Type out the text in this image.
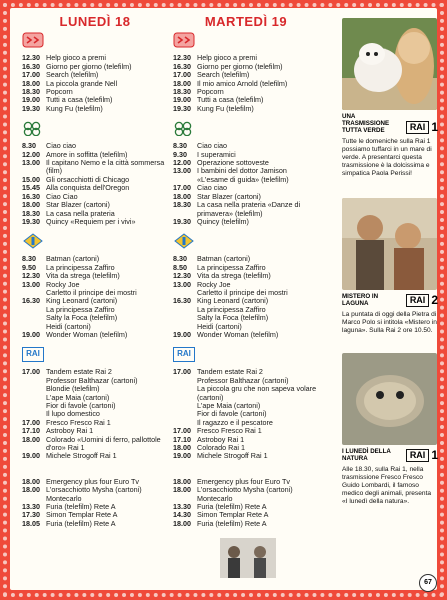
LUNEDÌ 18
12.30 Help gioco a premi
16.30 Giorno per giorno (telefilm)
17.00 Search (telefilm)
18.00 La piccola grande Nell
18.30 Popcorn
19.00 Tutti a casa (telefilm)
19.30 Kung Fu (telefilm)
8.30	Ciao ciao
12.00 Amore in soffitta (telefilm)
13.00 Il capitano Nemo e la città sommersa (film)
15.00 Gli orsacchiotti di Chicago
15.45 Alla conquista dell'Oregon
16.30 Ciao Ciao
18.00 Star Blazer (cartoni)
18.30 La casa nella prateria
19.30 Quincy «Requiem per i vivi»
8.30	Batman (cartoni)
9.50	La principessa Zaffiro
12.30 Vita da strega (telefilm)
13.00 Rocky Joe
Carletto il principe dei mostri
16.30 King Leonard (cartoni)
La principessa Zaffiro
Salty la Foca (telefilm)
Heidi (cartoni)
19.00 Wonder Woman (telefilm)
RAI
17.00 Tandem estate Rai 2
Professor Balthazar (cartoni)
Blondie (telefilm)
L'ape Maia (cartoni)
Fior di favole (cartoni)
Il lupo domestico
17.00 Fresco Fresco Rai 1
17.10 Astroboy Rai 1
18.00 Colorado «Uomini di ferro, pallottole d'oro» Rai 1
19.00 Michele Strogoff Rai 1
18.00 Emergency plus four Euro Tv
18.00 L'orsacchiotto Mysha (cartoni)
Montecarlo
13.30 Furia (telefilm) Rete A
17.30 Simon Templar Rete A
18.05 Furia (telefilm) Rete A
MARTEDÌ 19
12.30 Help gioco a premi
16.30 Giorno per giorno (telefilm)
17.00 Search (telefilm)
18.00 Il mio amico Arnold (telefilm)
18.30 Popcorn
19.00 Tutti a casa (telefilm)
19.30 Kung Fu (telefilm)
8.30	Ciao ciao
9.30	I superamici
12.00 Operazione sottoveste
13.00 I bambini del dottor Jamison «L'esame di guida» (telefilm)
17.00 Ciao ciao
18.00 Star Blazer (cartoni)
18.30 La casa nella prateria «Danze di primavera» (telefilm)
19.30 Quincy (telefilm)
8.30	Batman (cartoni)
8.50	La principessa Zaffiro
12.30 Vita da strega (telefilm)
13.00 Rocky Joe
Carletto il principe dei mostri
16.30 King Leonard (cartoni)
La principessa Zaffiro
Salty la Foca (telefilm)
Heidi (cartoni)
19.00 Wonder Woman (telefilm)
RAI
17.00 Tandem estate Rai 2
Professor Balthazar (cartoni)
La piccola gru che non sapeva volare (cartoni)
L'ape Maia (cartoni)
Fior di favole (cartoni)
Il ragazzo e il pescatore
17.00 Fresco Fresco Rai 1
17.10 Astroboy Rai 1
18.00 Colorado Rai 1
19.00 Michele Strogoff Rai 1
18.00 Emergency plus four Euro Tv
18.00 L'orsacchiotto Mysha (cartoni)
Montecarlo
13.30 Furia (telefilm) Rete A
14.30 Simon Templar Rete A
18.00 Furia (telefilm) Rete A
UNA TRASMISSIONE TUTTA VERDE	RAI 1
Tutte le domeniche sulla Rai 1 possiamo tuffarci in un mare di verde. A presentarci questa trasmissione è la dolcissima e simpatica Paola Perissi!
MISTERO IN LAGUNA	RAI 2
La puntata di oggi della Pietra di Marco Polo si intitola «Mistero in laguna». Sulla Rai 2 ore 10.50.
I LUNEDÌ DELLA NATURA	RAI 1
Alle 18.30, sulla Rai 1, nella trasmissione Fresco Fresco Guido Lombardi, il famoso medico degli animali, presenta «I lunedì della natura».
67
